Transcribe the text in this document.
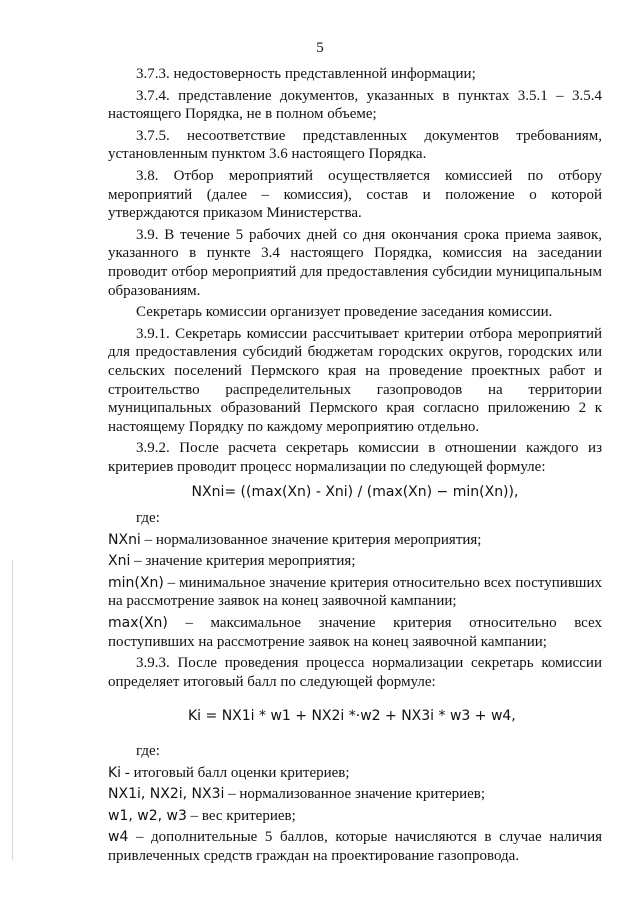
5

3.7.3. недостоверность представленной информации;

3.7.4. представление документов, указанных в пунктах 3.5.1 – 3.5.4 настоящего Порядка, не в полном объеме;

3.7.5. несоответствие представленных документов требованиям, установленным пунктом 3.6 настоящего Порядка.

3.8. Отбор мероприятий осуществляется комиссией по отбору мероприятий (далее – комиссия), состав и положение о которой утверждаются приказом Министерства.

3.9. В течение 5 рабочих дней со дня окончания срока приема заявок, указанного в пункте 3.4 настоящего Порядка, комиссия на заседании проводит отбор мероприятий для предоставления субсидии муниципальным образованиям.

Секретарь комиссии организует проведение заседания комиссии.

3.9.1. Секретарь комиссии рассчитывает критерии отбора мероприятий для предоставления субсидий бюджетам городских округов, городских или сельских поселений Пермского края на проведение проектных работ и строительство распределительных газопроводов на территории муниципальных образований Пермского края согласно приложению 2 к настоящему Порядку по каждому мероприятию отдельно.

3.9.2. После расчета секретарь комиссии в отношении каждого из критериев проводит процесс нормализации по следующей формуле:

NXni= ((max(Xn) - Xni) / (max(Xn) − min(Xn)),

где:

NXni – нормализованное значение критерия мероприятия;

Xni – значение критерия мероприятия;

min(Xn) – минимальное значение критерия относительно всех поступивших на рассмотрение заявок на конец заявочной кампании;

max(Xn) – максимальное значение критерия относительно всех поступивших на рассмотрение заявок на конец заявочной кампании;

3.9.3. После проведения процесса нормализации секретарь комиссии определяет итоговый балл по следующей формуле:

Ki = NX1i * w1 + NX2i *·w2 + NX3i * w3 + w4,

где:

Ki - итоговый балл оценки критериев;

NX1i, NX2i, NX3i – нормализованное значение критериев;

w1, w2, w3 – вес критериев;

w4 – дополнительные 5 баллов, которые начисляются в случае наличия привлеченных средств граждан на проектирование газопровода.
